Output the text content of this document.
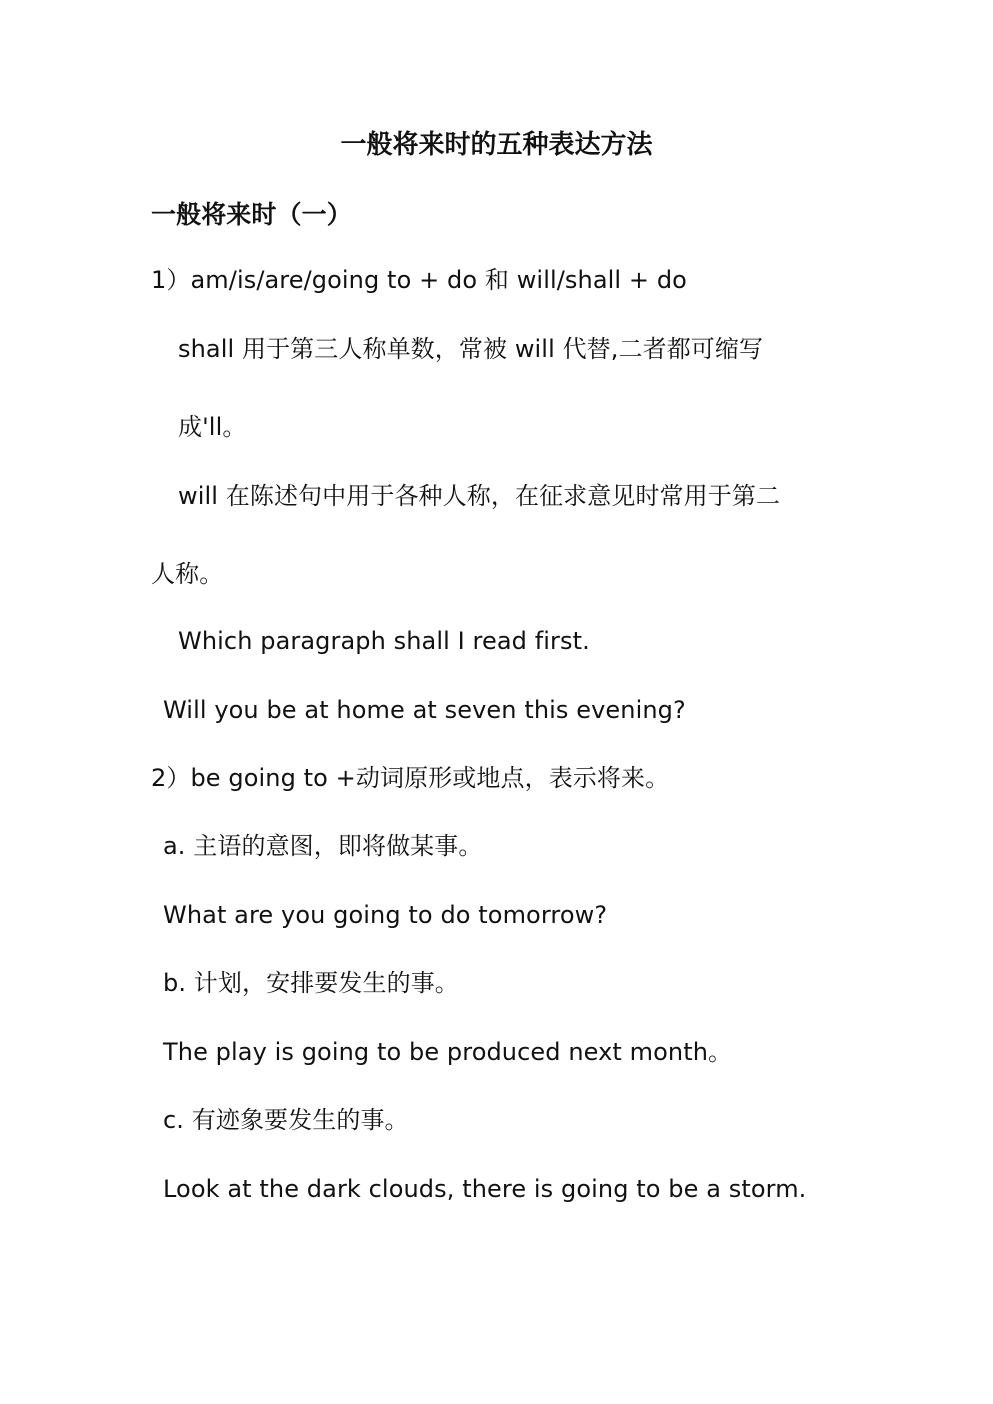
一般将来时的五种表达方法
一般将来时（一）
1）am/is/are/going to + do 和 will/shall + do
shall 用于第三人称单数，常被 will 代替,二者都可缩写
成'll。
will 在陈述句中用于各种人称，在征求意见时常用于第二
人称。
Which paragraph shall I read first.
Will you be at home at seven this evening?
2）be going to +动词原形或地点，表示将来。
a. 主语的意图，即将做某事。
What are you going to do tomorrow?
b. 计划，安排要发生的事。
The play is going to be produced next month。
c. 有迹象要发生的事。
Look at the dark clouds, there is going to be a storm.
